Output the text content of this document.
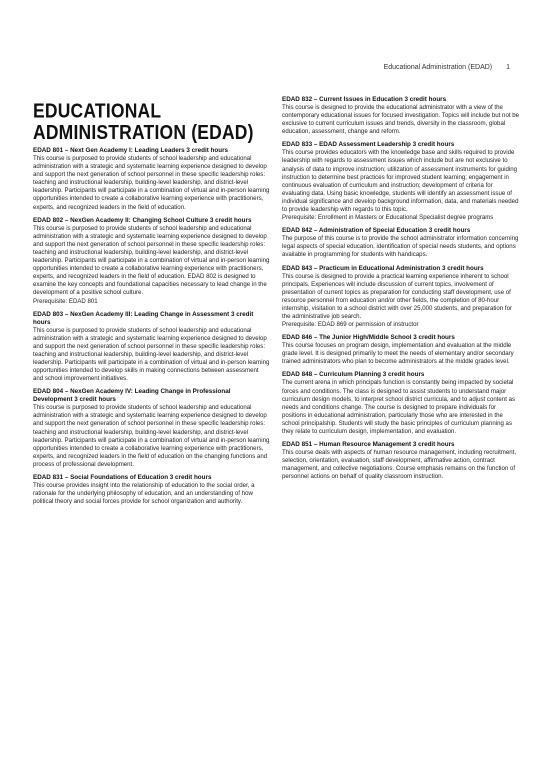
Educational Administration (EDAD) 1
EDUCATIONAL ADMINISTRATION (EDAD)
EDAD 801 – Next Gen Academy I: Leading Leaders 3 credit hours
This course is purposed to provide students of school leadership and educational administration with a strategic and systematic learning experience designed to develop and support the next generation of school personnel in these specific leadership roles: teaching and instructional leadership, building-level leadership, and district-level leadership. Participants will participate in a combination of virtual and in-person learning opportunities intended to create a collaborative learning experience with practitioners, experts, and recognized leaders in the field of education.
EDAD 802 – NexGen Academy II: Changing School Culture 3 credit hours
This course is purposed to provide students of school leadership and educational administration with a strategic and systematic learning experience designed to develop and support the next generation of school personnel in these specific leadership roles: teaching and instructional leadership, building-level leadership, and district-level leadership. Participants will participate in a combination of virtual and in-person learning opportunities intended to create a collaborative learning experience with practitioners, experts, and recognized leaders in the field of education. EDAD 802 is designed to examine the key concepts and foundational capacities necessary to lead change in the development of a positive school culture.
Prerequisite: EDAD 801
EDAD 803 – NexGen Academy III: Leading Change in Assessment 3 credit hours
This course is purposed to provide students of school leadership and educational administration with a strategic and systematic learning experience designed to develop and support the next generation of school personnel in these specific leadership roles: teaching and instructional leadership, building-level leadership, and district-level leadership. Participants will participate in a combination of virtual and in-person learning opportunities intended to develop skills in making connections between assessment and school improvement initiatives.
EDAD 804 – NexGen Academy IV: Leading Change in Professional Development 3 credit hours
This course is purposed to provide students of school leadership and educational administration with a strategic and systematic learning experience designed to develop and support the next generation of school personnel in these specific leadership roles: teaching and instructional leadership, building-level leadership, and district-level leadership. Participants will participate in a combination of virtual and in-person learning opportunities intended to create a collaborative learning experience with practitioners, experts, and recognized leaders in the field of education on the changing functions and process of professional development.
EDAD 831 – Social Foundations of Education 3 credit hours
This course provides insight into the relationship of education to the social order, a rationale for the underlying philosophy of education, and an understanding of how political theory and social forces provide for school organization and authority.
EDAD 832 – Current Issues in Education 3 credit hours
This course is designed to provide the educational administrator with a view of the contemporary educational issues for focused investigation. Topics will include but not be exclusive to current curriculum issues and trends, diversity in the classroom, global education, assessment, change and reform.
EDAD 833 – EDAD Assessment Leadership 3 credit hours
This course provides educators with the knowledge base and skills required to provide leadership with regards to assessment issues which include but are not exclusive to analysis of data to improve instruction; utilization of assessment instruments for guiding instruction to determine best practices for improved student learning; engagement in continuous evaluation of curriculum and instruction; development of criteria for evaluating data. Using basic knowledge, students will identify an assessment issue of individual significance and develop background information, data, and materials needed to provide leadership with regards to this topic.
Prerequisite: Enrollment in Masters or Educational Specialist degree programs
EDAD 842 – Administration of Special Education 3 credit hours
The purpose of this course is to provide the school administrator information concerning legal aspects of special education, identification of special needs students, and options available in programming for students with handicaps.
EDAD 843 – Practicum in Educational Administration 3 credit hours
This course is designed to provide a practical learning experience inherent to school principals. Experiences will include discussion of current topics, involvement of presentation of current topics as preparation for conducting staff development, use of resource personnel from education and/or other fields, the completion of 80-hour internship, visitation to a school district with over 25,000 students, and preparation for the administrative job search.
Prerequisite: EDAD 869 or permission of instructor
EDAD 846 – The Junior High/Middle School 3 credit hours
This course focuses on program design, implementation and evaluation at the middle grade level. It is designed primarily to meet the needs of elementary and/or secondary trained administrators who plan to become administrators at the middle grades level.
EDAD 848 – Curriculum Planning 3 credit hours
The current arena in which principals function is constantly being impacted by societal forces and conditions. The class is designed to assist students to understand major curriculum design models, to interpret school district curricula, and to adjust content as needs and conditions change. The course is designed to prepare individuals for positions in educational administration, particularly those who are interested in the school principalship. Students will study the basic principles of curriculum planning as they relate to curriculum design, implementation, and evaluation.
EDAD 851 – Human Resource Management 3 credit hours
This course deals with aspects of human resource management, including recruitment, selection, orientation, evaluation, staff development, affirmative action, contract management, and collective negotiations. Course emphasis remains on the function of personnel actions on behalf of quality classroom instruction.
